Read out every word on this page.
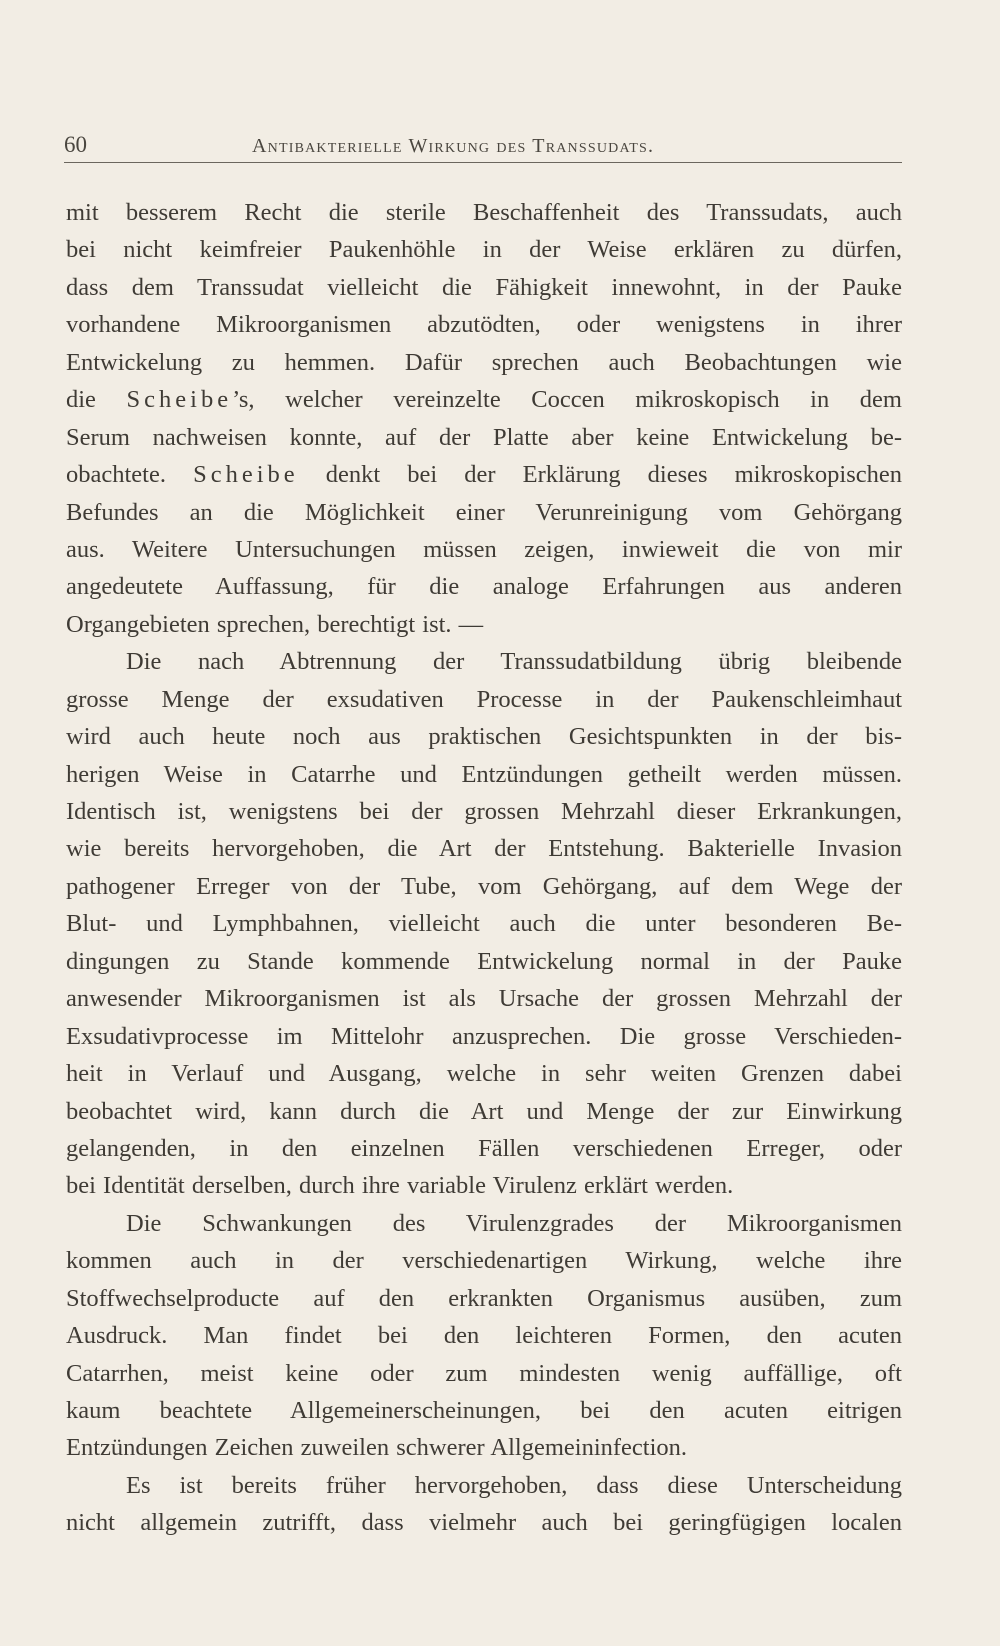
60	Antibakterielle Wirkung des Transsudats.
mit besserem Recht die sterile Beschaffenheit des Transsudats, auch
bei nicht keimfreier Paukenhöhle in der Weise erklären zu dürfen,
dass dem Transsudat vielleicht die Fähigkeit innewohnt, in der Pauke
vorhandene Mikroorganismen abzutödten, oder wenigstens in ihrer
Entwickelung zu hemmen. Dafür sprechen auch Beobachtungen wie
die Scheibe’s, welcher vereinzelte Coccen mikroskopisch in dem
Serum nachweisen konnte, auf der Platte aber keine Entwickelung be-
obachtete. Scheibe denkt bei der Erklärung dieses mikroskopischen
Befundes an die Möglichkeit einer Verunreinigung vom Gehörgang
aus. Weitere Untersuchungen müssen zeigen, inwieweit die von mir
angedeutete Auffassung, für die analoge Erfahrungen aus anderen
Organgebieten sprechen, berechtigt ist. —
Die nach Abtrennung der Transsudatbildung übrig bleibende
grosse Menge der exsudativen Processe in der Paukenschleimhaut
wird auch heute noch aus praktischen Gesichtspunkten in der bis-
herigen Weise in Catarrhe und Entzündungen getheilt werden müssen.
Identisch ist, wenigstens bei der grossen Mehrzahl dieser Erkrankungen,
wie bereits hervorgehoben, die Art der Entstehung. Bakterielle Invasion
pathogener Erreger von der Tube, vom Gehörgang, auf dem Wege der
Blut- und Lymphbahnen, vielleicht auch die unter besonderen Be-
dingungen zu Stande kommende Entwickelung normal in der Pauke
anwesender Mikroorganismen ist als Ursache der grossen Mehrzahl der
Exsudativprocesse im Mittelohr anzusprechen. Die grosse Verschieden-
heit in Verlauf und Ausgang, welche in sehr weiten Grenzen dabei
beobachtet wird, kann durch die Art und Menge der zur Einwirkung
gelangenden, in den einzelnen Fällen verschiedenen Erreger, oder
bei Identität derselben, durch ihre variable Virulenz erklärt werden.
Die Schwankungen des Virulenzgrades der Mikroorganismen
kommen auch in der verschiedenartigen Wirkung, welche ihre
Stoffwechselproducte auf den erkrankten Organismus ausüben, zum
Ausdruck. Man findet bei den leichteren Formen, den acuten
Catarrhen, meist keine oder zum mindesten wenig auffällige, oft
kaum beachtete Allgemeinerscheinungen, bei den acuten eitrigen
Entzündungen Zeichen zuweilen schwerer Allgemeininfection.
Es ist bereits früher hervorgehoben, dass diese Unterscheidung
nicht allgemein zutrifft, dass vielmehr auch bei geringfügigen localen
